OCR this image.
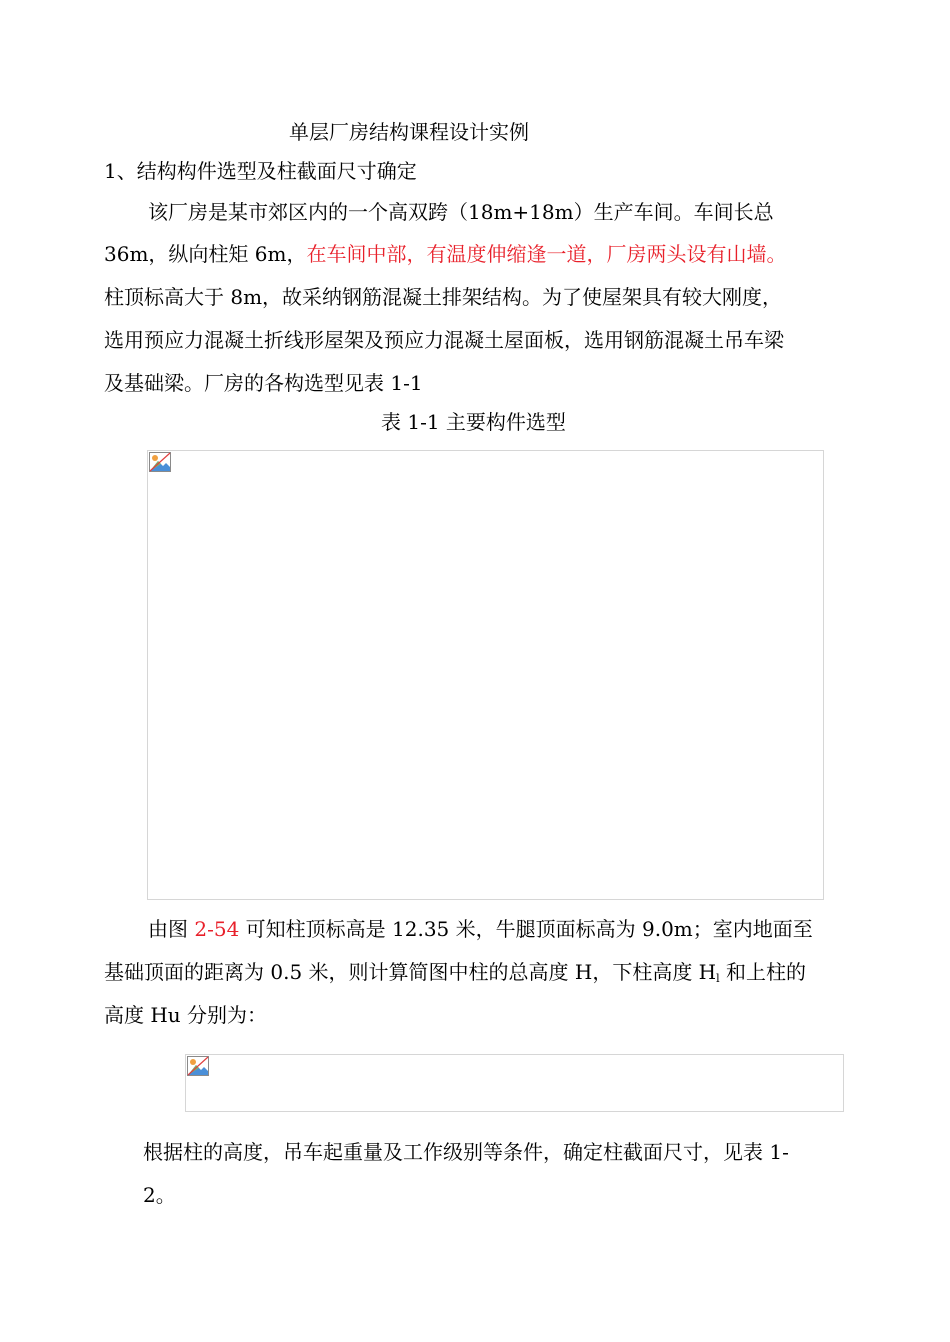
单层厂房结构课程设计实例
1、结构构件选型及柱截面尺寸确定
该厂房是某市郊区内的一个高双跨（18m+18m）生产车间。车间长总
36m，纵向柱矩 6m，在车间中部，有温度伸缩逢一道，厂房两头设有山墙。
柱顶标高大于 8m，故采纳钢筋混凝土排架结构。为了使屋架具有较大刚度，
选用预应力混凝土折线形屋架及预应力混凝土屋面板，选用钢筋混凝土吊车梁
及基础梁。厂房的各构选型见表 1-1
表 1-1 主要构件选型
由图 2-54 可知柱顶标高是 12.35 米，牛腿顶面标高为 9.0m；室内地面至
基础顶面的距离为 0.5 米，则计算简图中柱的总高度 H，下柱高度 $H_l$ 和上柱的
高度 Hu 分别为：
根据柱的高度，吊车起重量及工作级别等条件，确定柱截面尺寸，见表 1-
2。
